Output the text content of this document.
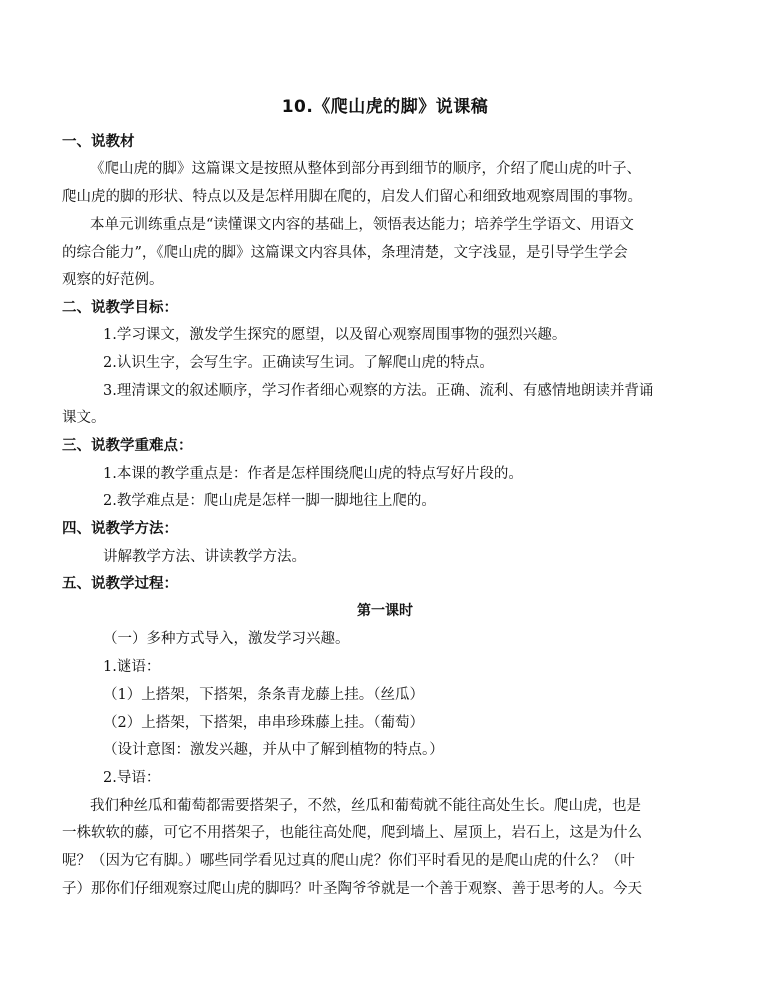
10.《爬山虎的脚》说课稿
一、说教材
《爬山虎的脚》这篇课文是按照从整体到部分再到细节的顺序，介绍了爬山虎的叶子、
爬山虎的脚的形状、特点以及是怎样用脚在爬的，启发人们留心和细致地观察周围的事物。
本单元训练重点是“读懂课文内容的基础上，领悟表达能力；培养学生学语文、用语文
的综合能力”，《爬山虎的脚》这篇课文内容具体，条理清楚，文字浅显，是引导学生学会
观察的好范例。
二、说教学目标：
1.学习课文，激发学生探究的愿望，以及留心观察周围事物的强烈兴趣。
2.认识生字，会写生字。正确读写生词。了解爬山虎的特点。
3.理清课文的叙述顺序，学习作者细心观察的方法。正确、流利、有感情地朗读并背诵
课文。
三、说教学重难点：
1.本课的教学重点是：作者是怎样围绕爬山虎的特点写好片段的。
2.教学难点是：爬山虎是怎样一脚一脚地往上爬的。
四、说教学方法：
讲解教学方法、讲读教学方法。
五、说教学过程：
第一课时
（一）多种方式导入，激发学习兴趣。
1.谜语：
（1）上搭架，下搭架，条条青龙藤上挂。（丝瓜）
（2）上搭架，下搭架，串串珍珠藤上挂。（葡萄）
（设计意图：激发兴趣，并从中了解到植物的特点。）
2.导语：
我们种丝瓜和葡萄都需要搭架子，不然，丝瓜和葡萄就不能往高处生长。爬山虎，也是
一株软软的藤，可它不用搭架子，也能往高处爬，爬到墙上、屋顶上，岩石上，这是为什么
呢？（因为它有脚。）哪些同学看见过真的爬山虎？你们平时看见的是爬山虎的什么？（叶
子）那你们仔细观察过爬山虎的脚吗？叶圣陶爷爷就是一个善于观察、善于思考的人。今天
